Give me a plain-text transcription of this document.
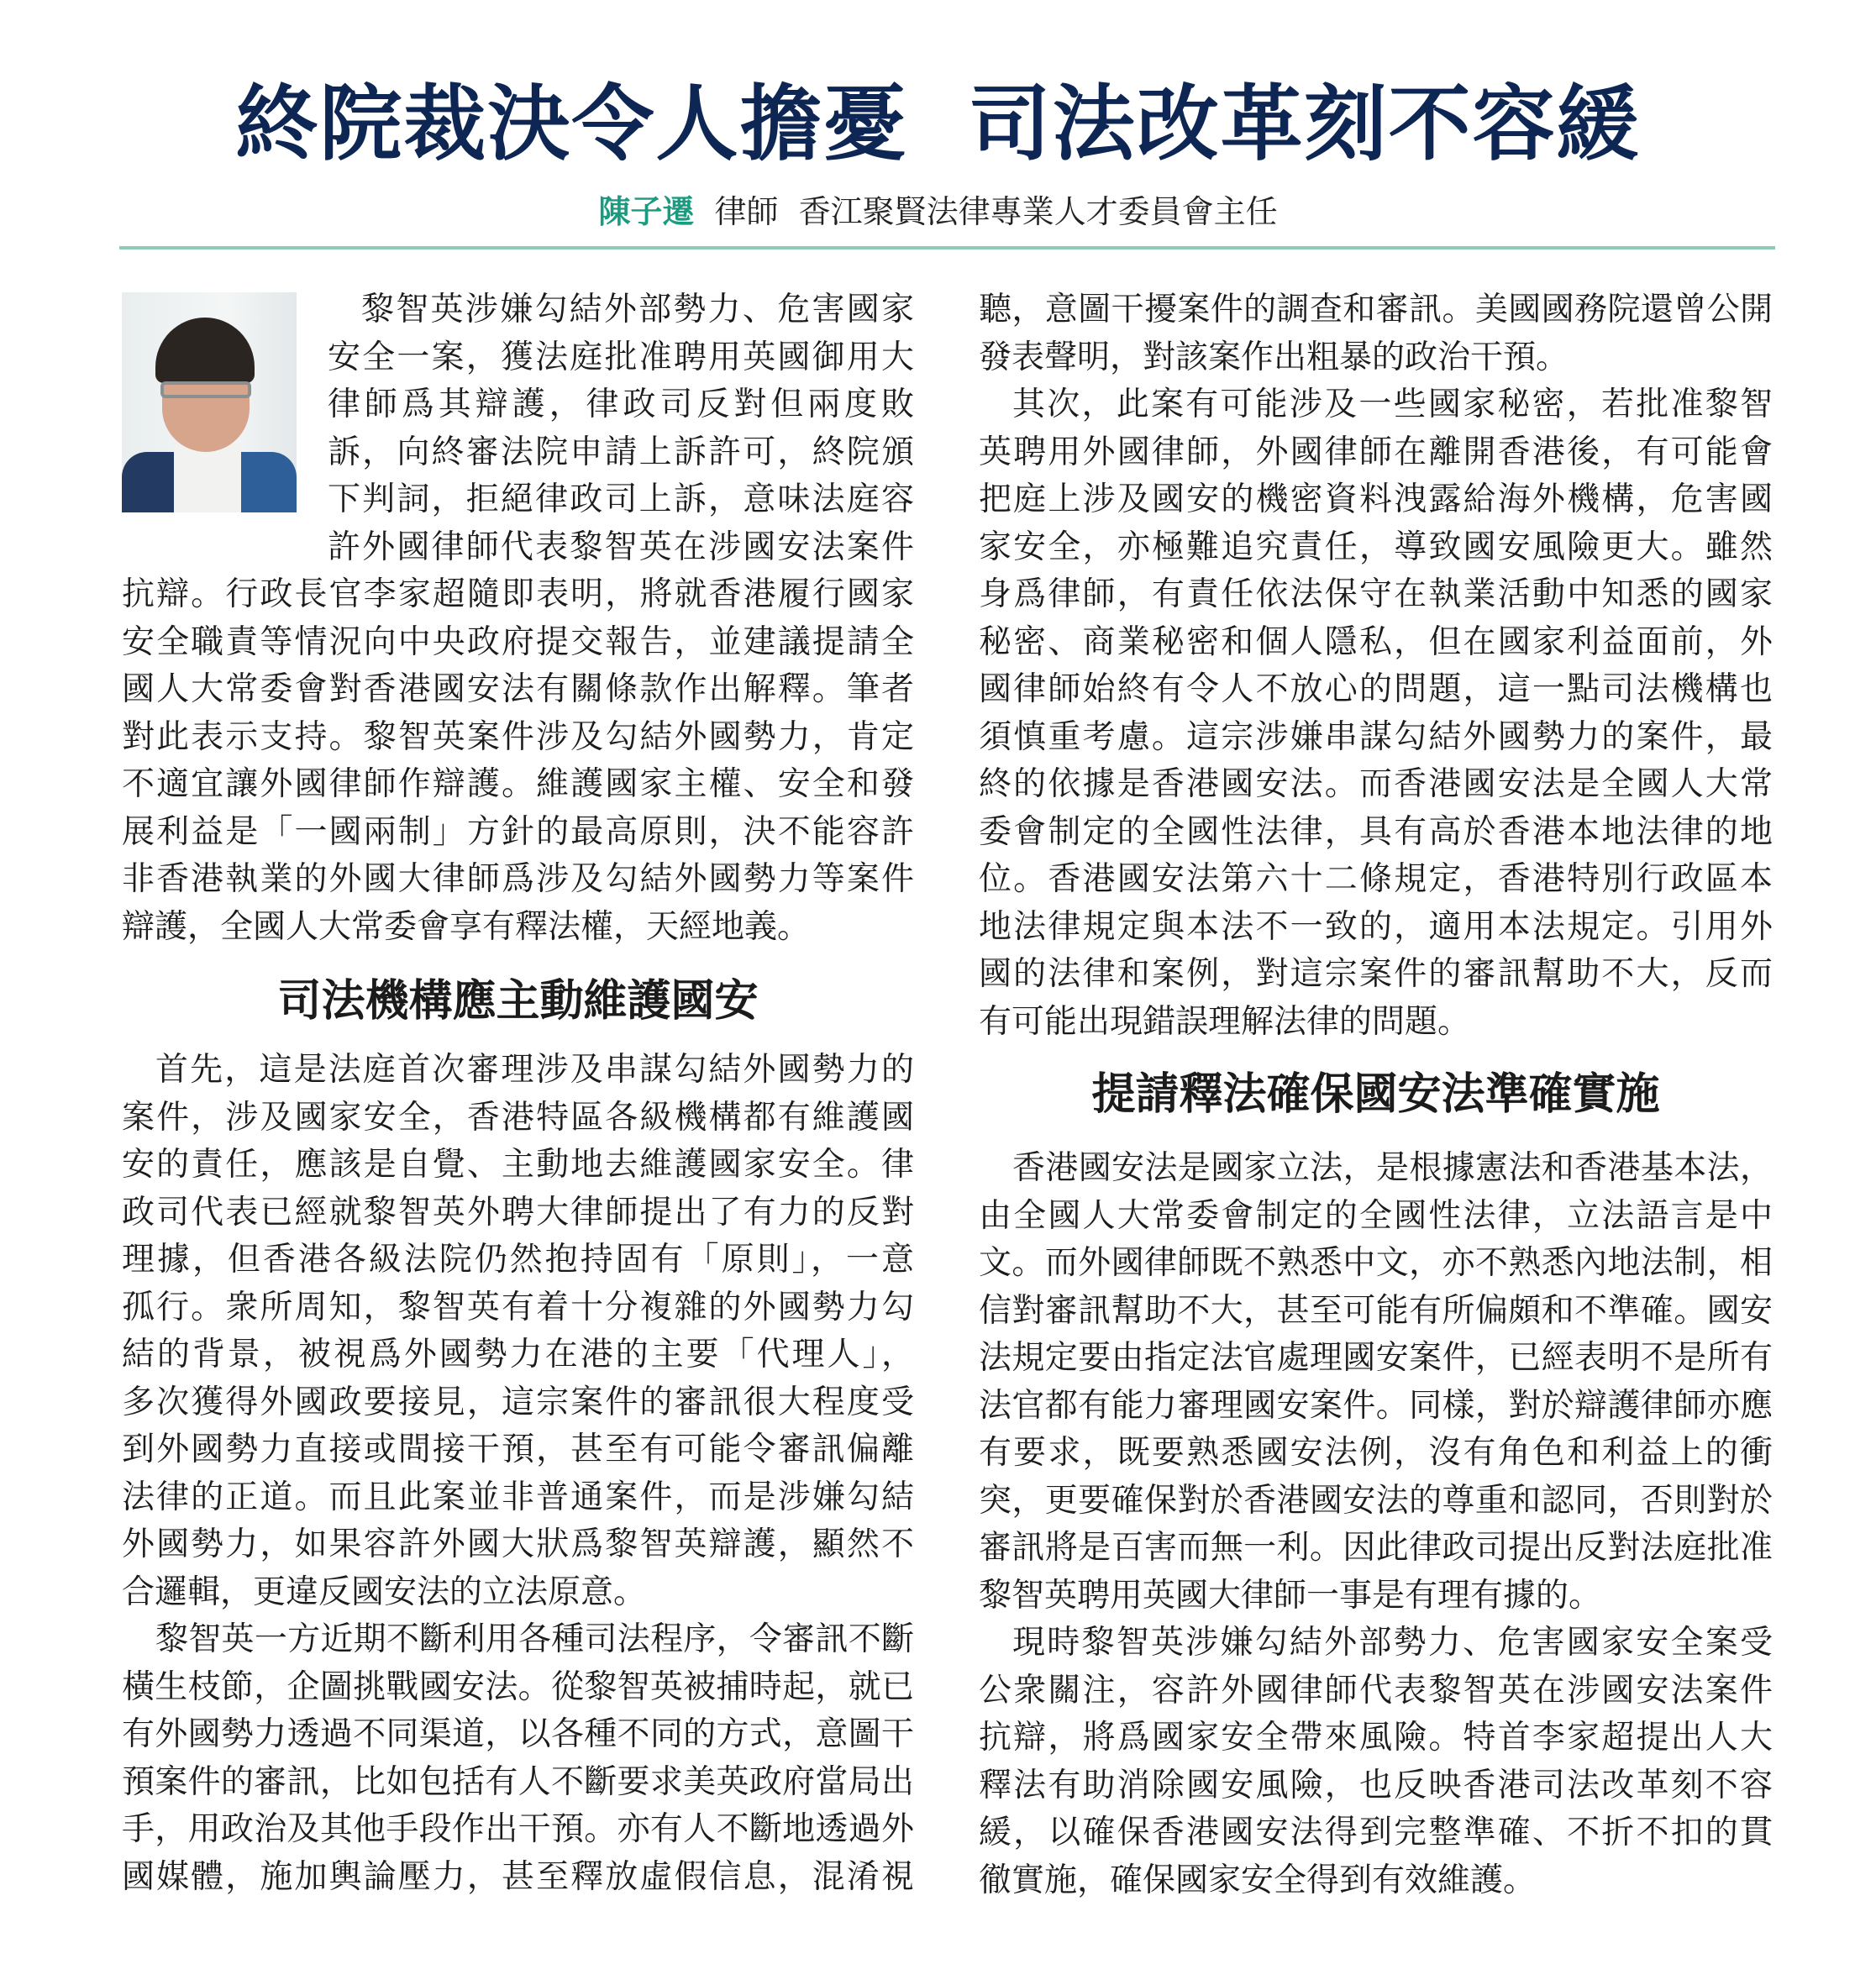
終院裁決令人擔憂  司法改革刻不容緩
陳子遷 律師  香江聚賢法律專業人才委員會主任
黎智英涉嫌勾結外部勢力、危害國家
安全一案，獲法庭批准聘用英國御用大
律師爲其辯護，律政司反對但兩度敗
訴，向終審法院申請上訴許可，終院頒
下判詞，拒絕律政司上訴，意味法庭容
許外國律師代表黎智英在涉國安法案件
抗辯。行政長官李家超隨即表明，將就香港履行國家
安全職責等情況向中央政府提交報告，並建議提請全
國人大常委會對香港國安法有關條款作出解釋。筆者
對此表示支持。黎智英案件涉及勾結外國勢力，肯定
不適宜讓外國律師作辯護。維護國家主權、安全和發
展利益是「一國兩制」方針的最高原則，決不能容許
非香港執業的外國大律師爲涉及勾結外國勢力等案件
辯護，全國人大常委會享有釋法權，天經地義。
司法機構應主動維護國安
首先，這是法庭首次審理涉及串謀勾結外國勢力的
案件，涉及國家安全，香港特區各級機構都有維護國
安的責任，應該是自覺、主動地去維護國家安全。律
政司代表已經就黎智英外聘大律師提出了有力的反對
理據，但香港各級法院仍然抱持固有「原則」，一意
孤行。衆所周知，黎智英有着十分複雜的外國勢力勾
結的背景，被視爲外國勢力在港的主要「代理人」，
多次獲得外國政要接見，這宗案件的審訊很大程度受
到外國勢力直接或間接干預，甚至有可能令審訊偏離
法律的正道。而且此案並非普通案件，而是涉嫌勾結
外國勢力，如果容許外國大狀爲黎智英辯護，顯然不
合邏輯，更違反國安法的立法原意。
黎智英一方近期不斷利用各種司法程序，令審訊不斷
橫生枝節，企圖挑戰國安法。從黎智英被捕時起，就已
有外國勢力透過不同渠道，以各種不同的方式，意圖干
預案件的審訊，比如包括有人不斷要求美英政府當局出
手，用政治及其他手段作出干預。亦有人不斷地透過外
國媒體，施加輿論壓力，甚至釋放虛假信息，混淆視
聽，意圖干擾案件的調查和審訊。美國國務院還曾公開
發表聲明，對該案作出粗暴的政治干預。
其次，此案有可能涉及一些國家秘密，若批准黎智
英聘用外國律師，外國律師在離開香港後，有可能會
把庭上涉及國安的機密資料洩露給海外機構，危害國
家安全，亦極難追究責任，導致國安風險更大。雖然
身爲律師，有責任依法保守在執業活動中知悉的國家
秘密、商業秘密和個人隱私，但在國家利益面前，外
國律師始終有令人不放心的問題，這一點司法機構也
須慎重考慮。這宗涉嫌串謀勾結外國勢力的案件，最
終的依據是香港國安法。而香港國安法是全國人大常
委會制定的全國性法律，具有高於香港本地法律的地
位。香港國安法第六十二條規定，香港特別行政區本
地法律規定與本法不一致的，適用本法規定。引用外
國的法律和案例，對這宗案件的審訊幫助不大，反而
有可能出現錯誤理解法律的問題。
提請釋法確保國安法準確實施
香港國安法是國家立法，是根據憲法和香港基本法，
由全國人大常委會制定的全國性法律，立法語言是中
文。而外國律師既不熟悉中文，亦不熟悉內地法制，相
信對審訊幫助不大，甚至可能有所偏頗和不準確。國安
法規定要由指定法官處理國安案件，已經表明不是所有
法官都有能力審理國安案件。同樣，對於辯護律師亦應
有要求，既要熟悉國安法例，沒有角色和利益上的衝
突，更要確保對於香港國安法的尊重和認同，否則對於
審訊將是百害而無一利。因此律政司提出反對法庭批准
黎智英聘用英國大律師一事是有理有據的。
現時黎智英涉嫌勾結外部勢力、危害國家安全案受
公衆關注，容許外國律師代表黎智英在涉國安法案件
抗辯，將爲國家安全帶來風險。特首李家超提出人大
釋法有助消除國安風險，也反映香港司法改革刻不容
緩，以確保香港國安法得到完整準確、不折不扣的貫
徹實施，確保國家安全得到有效維護。
